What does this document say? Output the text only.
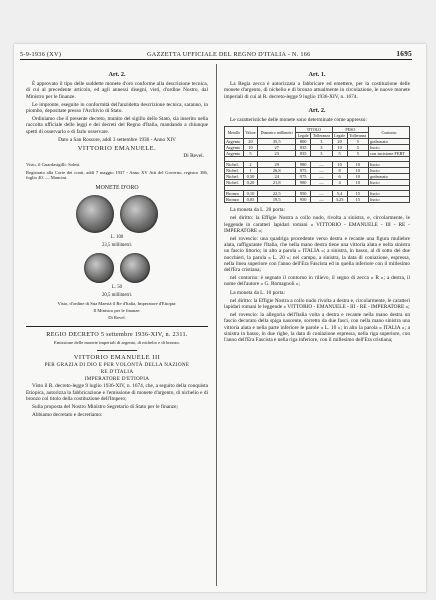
5-9-1936 (XV)	GAZZETTA UFFICIALE DEL REGNO D'ITALIA - N. 166	1695
Art. 2.

È approvato il tipo delle suddette monete d'oro conforme alla descrizione tecnica, di cui al precedente articolo, ed agli annessi disegni, visti, d'ordine Nostro, dal Ministro per le finanze.

Le impronte, eseguite in conformità dell'anzidetta descrizione tecnica, saranno, in piombo, depositate presso l'Archivio di Stato.

Ordiniamo che il presente decreto, munito del sigillo dello Stato, sia inserito nella raccolta ufficiale delle leggi e dei decreti del Regno d'Italia, mandando a chiunque spetti di osservarlo e di farlo osservare.

Dato a San Rossore, addì 3 settembre 1936 - Anno XIV

VITTORIO EMANUELE.
Di Revel.

Visto, il Guardasigilli: Solmi.

Registrato alla Corte dei conti, addì 7 maggio 1937 - Anno XV Atti del Governo, registro 386, foglio 40. — Mancini.

MONETE D'ORO

L. 100

23,5 millimetri.

L. 50

20,5 millimetri.

Visto, d'ordine di Sua Maestà il Re d'Italia, Imperatore d'Etiopia:

Il Ministro per le finanze:

Di Revel.

REGIO DECRETO 5 settembre 1936-XIV, n. 2311.

Emissione delle monete imperiali di argento, di nichelio e di bronzo.

VITTORIO EMANUELE III
PER GRAZIA DI DIO E PER VOLONTÀ DELLA NAZIONE
RE D'ITALIA
IMPERATORE D'ETIOPIA

Visto il R. decreto-legge 9 luglio 1936-XIV, n. 1674, che, a seguito della conquista Etiopica, autorizza la fabbricazione e l'emissione di monete d'argento, di nichelio e di bronzo col titolo della costituzione dell'Impero;

Sulla proposta del Nostro Ministro Segretario di Stato per le finanze;

Abbiamo decretato e decretiamo:

Art. 1.

La Regia zecca è autorizzata a fabbricare ed emettere, per la costituzione delle monete d'argento, di nichelio e di bronzo attualmente in circolazione, le nuove monete imperiali di cui al R. decreto-legge 9 luglio 1936-XIV, n. 1674.

Art. 2.

Le caratteristiche delle monete sono determinate come appresso:

Metallo	Valore	Diametro millimetri	TITOLO		PESO		Contorno
			Legale	Tolleranza	Legale	Tolleranza	
Argento	20	35,5	800	3	20	5	godronato
Argento	10	27	835	3	10	5	liscio
Argento	5	23	835	3	5	5	con incisione FERT

Nichel.	2	29	980	—	10	10	liscio
Nichel.	1	26,8	975	—	8	10	liscio
Nichel.	0,50	24	975	—	6	10	godronato
Nichel.	0,20	21,8	980	—	4	10	liscio

Bronzo	0,10	22,5	950	—	5,4	15	liscio
Bronzo	0,05	19,5	950	—	3,25	15	liscio

La moneta da L. 20 porta:

nel diritto: la Effigie Nostra a collo nudo, rivolta a sinistra, e, circolarmente, le leggende in caratteri lapidari romani « VITTORIO - EMANUELE - III - RE - IMPERATORE »;

nel rovescio: una quadriga procedente verso destra e recante una figura muliebre alata, raffigurante l'Italia, che nella mano destra tiene una vittoria alata e nella sinistra un fascio littorio; in alto a parola « ITALIA »; a sinistra, in basso, al di sotto dei due nocchieri, la parola « L. 20 »; nel campo, a sinistra, la data di coniazione, espressa, nella linea superiore con l'anno dell'Era Fascista ed in quella inferiore con il millesimo dell'Era cristiana;

nel contorno: è segnato il contorno in rilievo, il segno di zecca « R »; a destra, il nome dell'autore « G. Romagnoli »;

La moneta da L. 10 porta:

nel diritto: la Effigie Nostra a collo nudo rivolta a destra e, circolarmente, le caratteri lapidari romani le leggende « VITTORIO - EMANUELE - III - RE - IMPERATORE »;

nel rovescio: la allegoria dell'Italia volta a destra e recante nella mano destra un fascio decorato della spiga nascente, sorretto da due fasci, con nella mano sinistra una vittoria alata e nella parte inferiore le parole « L. 10 »; in alto la parola « ITALIA »; a sinistra in basso, in due righe, la data di coniazione espressa, nella riga superiore, con l'anno dell'Era Fascista e nella riga inferiore, con il millesimo dell'Era cristiana;
